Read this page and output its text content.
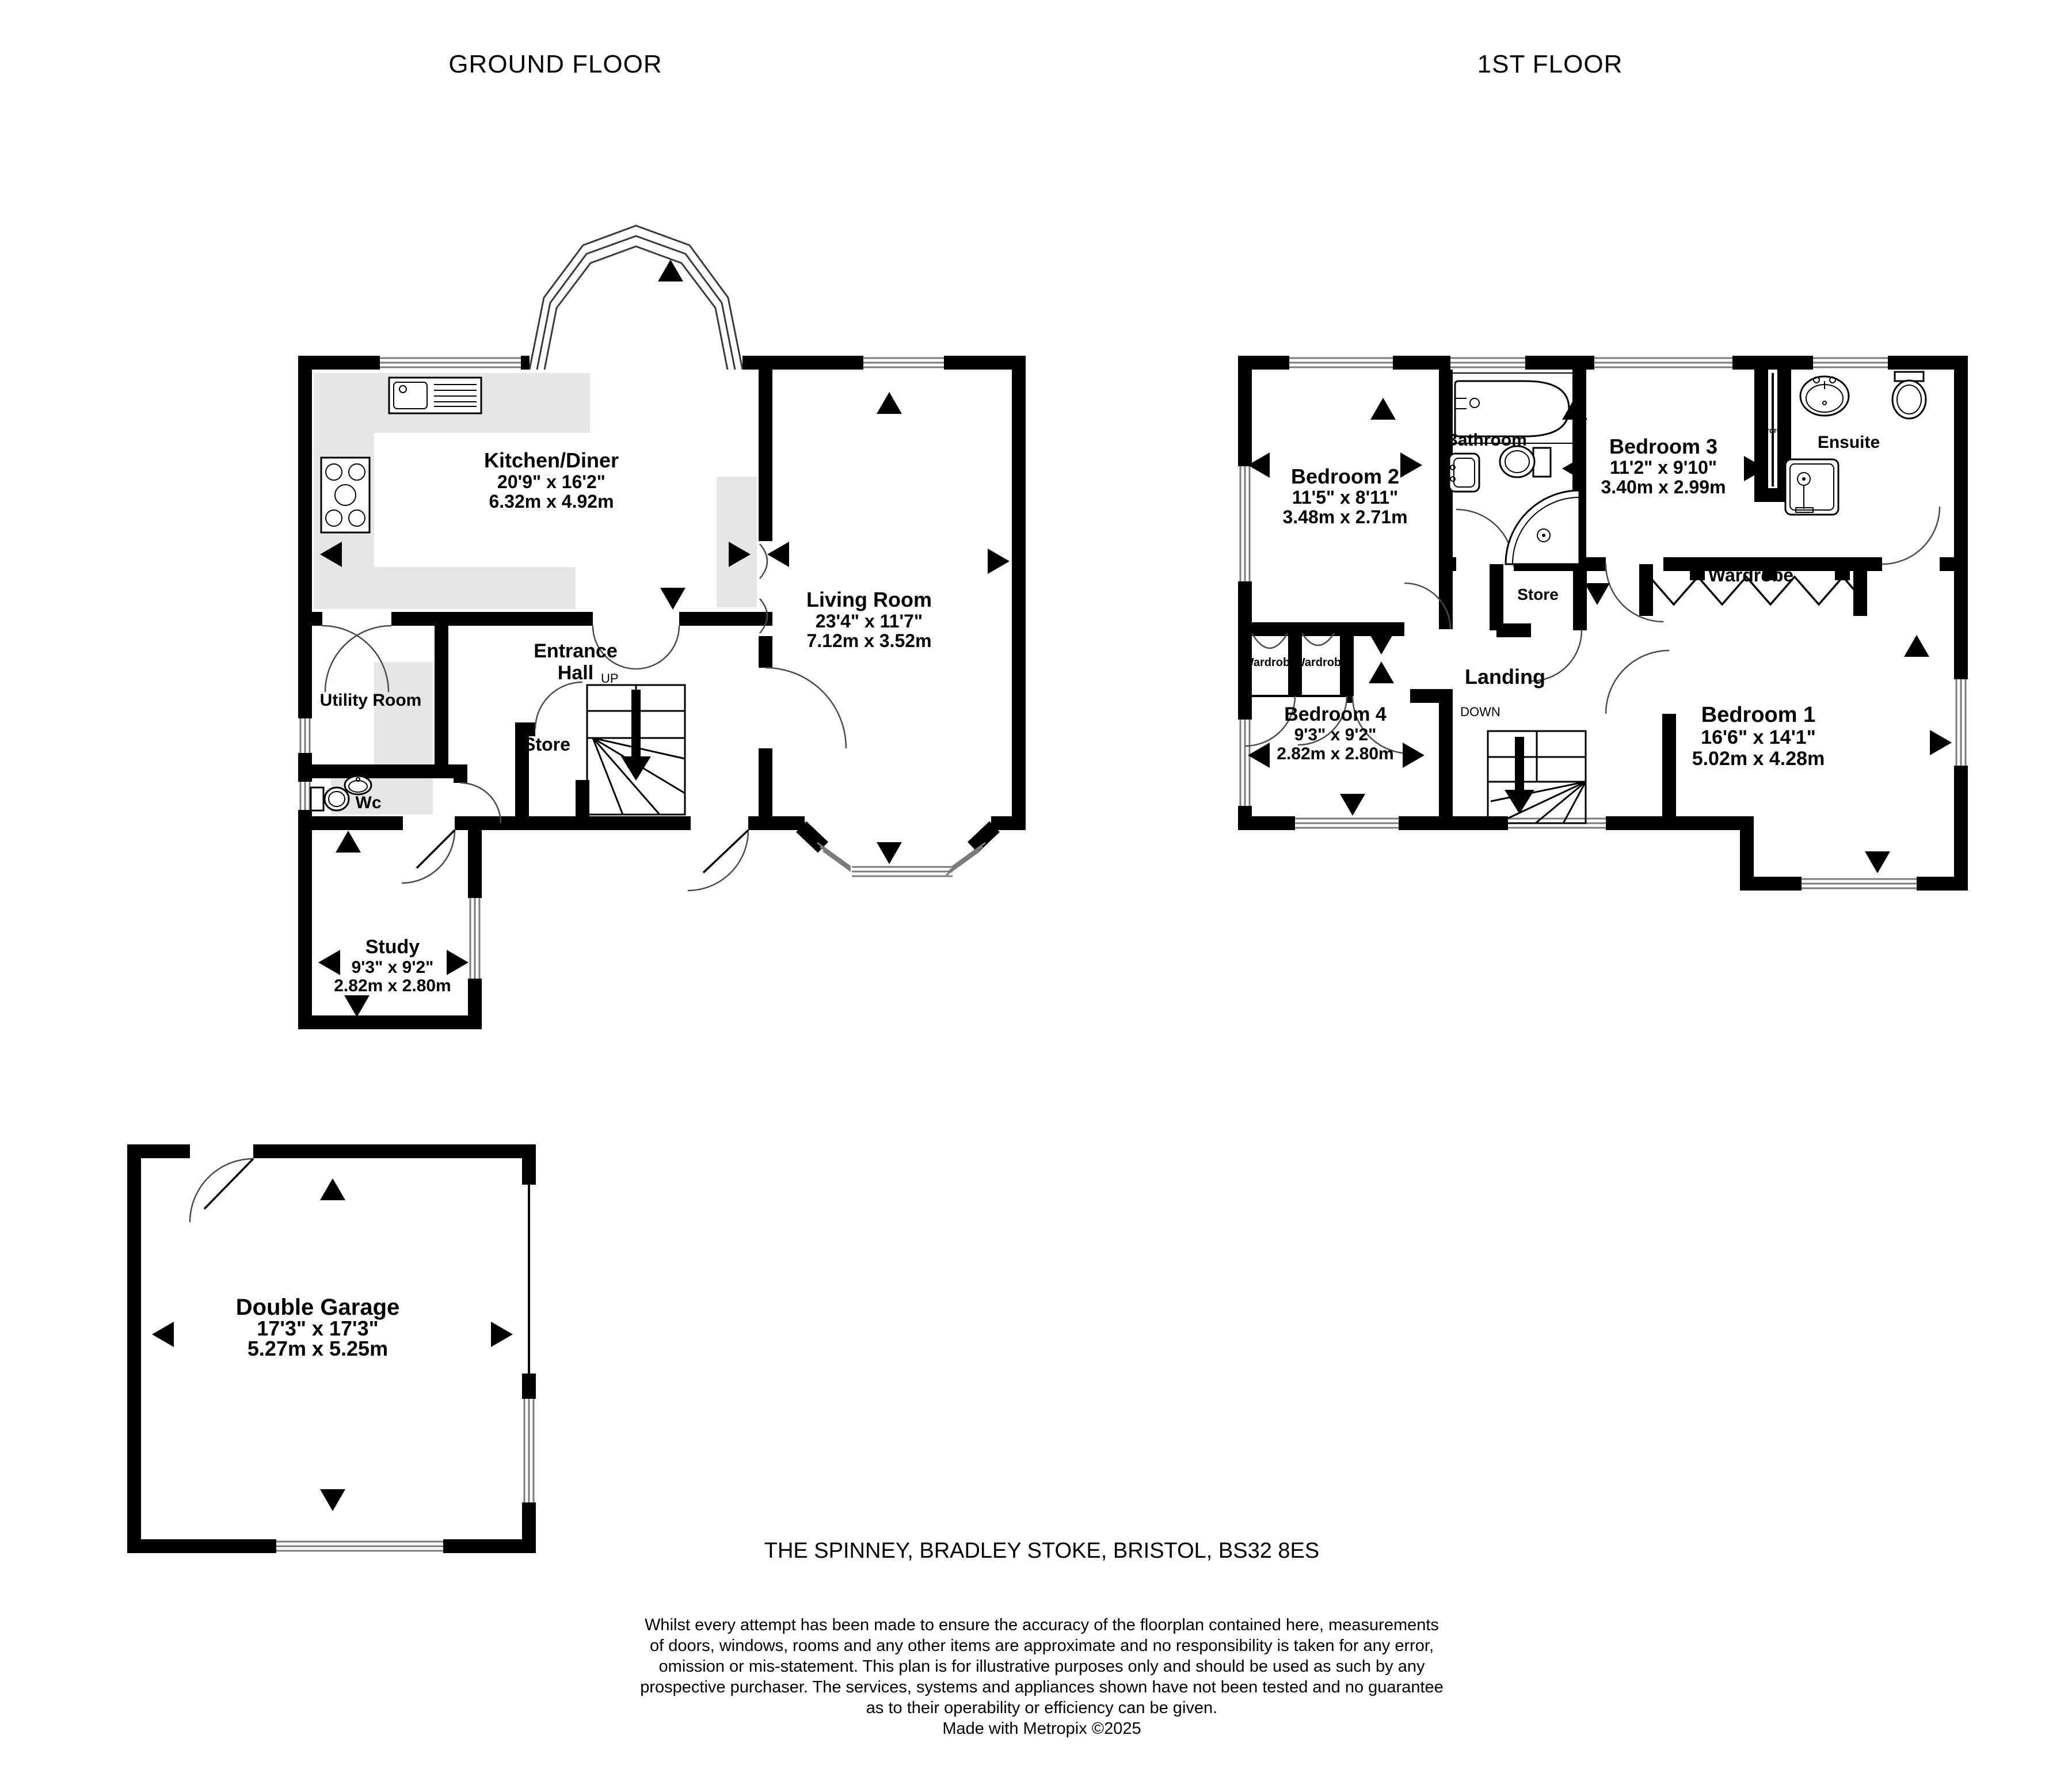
GROUND FLOOR
Kitchen/Diner
20'9" x 16'2"
6.32m x 4.92m
Living Room
23'4" x 11'7"
7.12m x 3.52m
Entrance
Hall UP
Store
Utility Room
Wc
Study
9'3" x 9'2"
2.82m x 2.80m
Double Garage
17'3" x 17'3"
5.27m x 5.25m
1ST FLOOR
Bedroom 2
11'5" x 8'11"
3.48m x 2.71m
Bathroom	Bedroom 3
11'2" x 9'10"
3.40m x 2.99m
Ensuite
Wardrobe
Wardrobe
Store
Landing
DOWN
Wardrobe
Wardrobe
Bedroom 4
9'3" x 9'2"
2.82m x 2.80m
Bedroom 1
16'6" x 14'1"
5.02m x 4.28m
THE SPINNEY, BRADLEY STOKE, BRISTOL, BS32 8ES
Whilst every attempt has been made to ensure the accuracy of the floorplan contained here, measurements
of doors, windows, rooms and any other items are approximate and no responsibility is taken for any error,
omission or mis-statement. This plan is for illustrative purposes only and should be used as such by any
prospective purchaser. The services, systems and appliances shown have not been tested and no guarantee
as to their operability or efficiency can be given.
Made with Metropix ©2025
